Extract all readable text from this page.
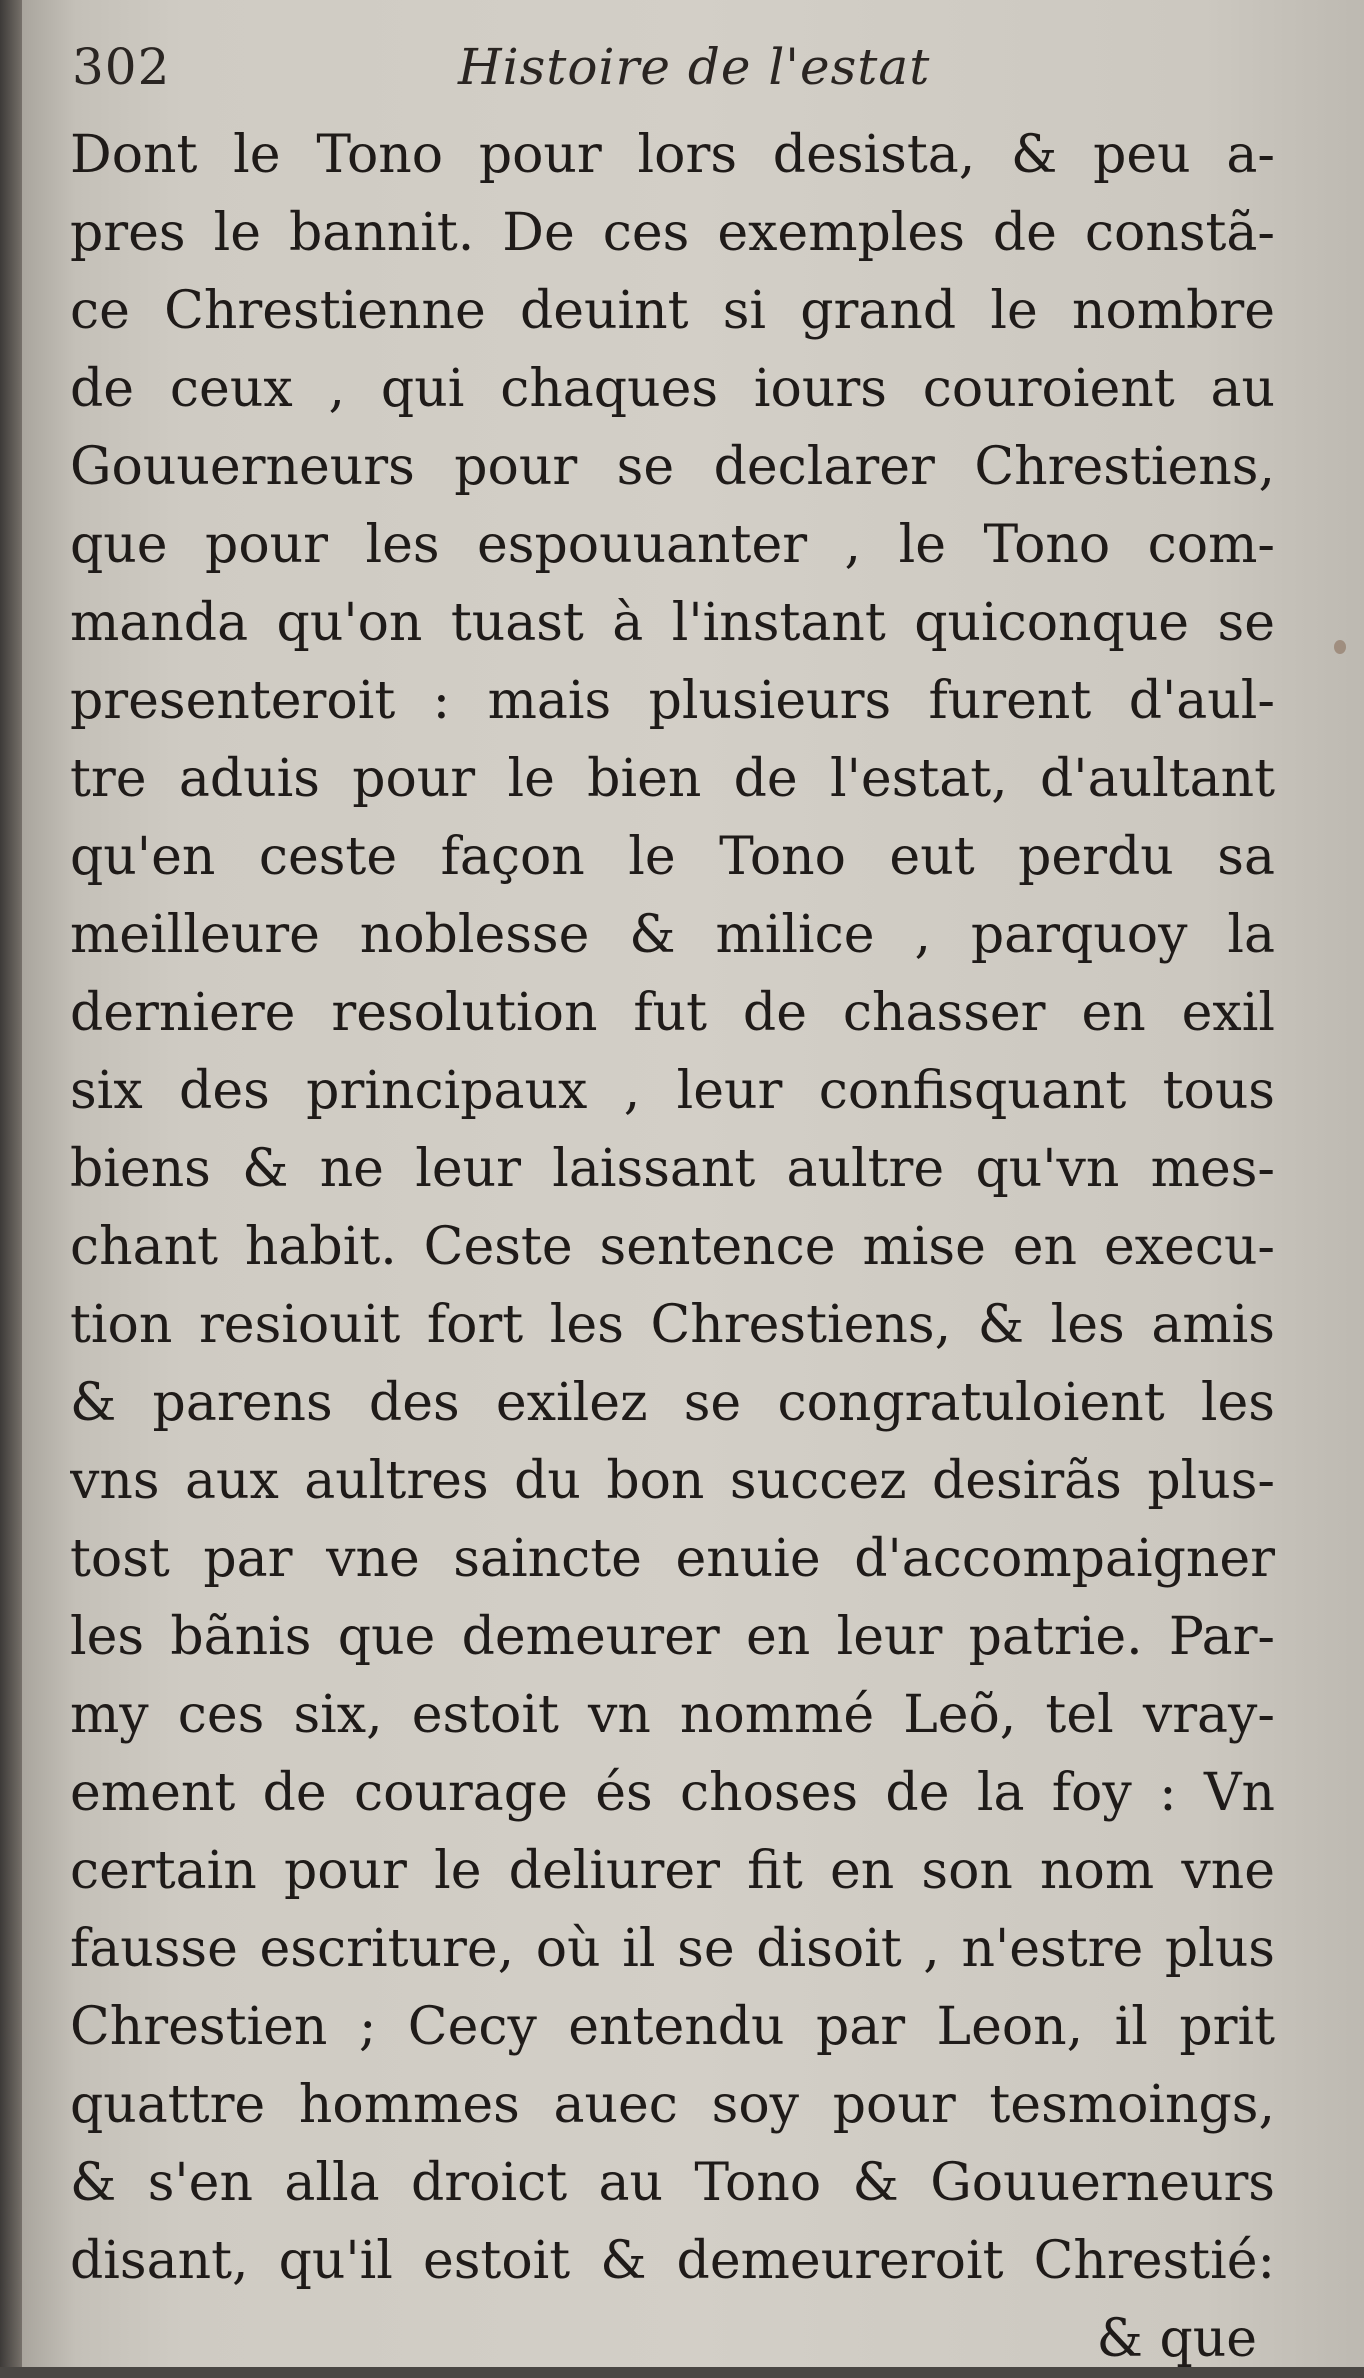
302	Histoire de l'estat
Dont le Tono pour lors desista, & peu a-
pres le bannit. De ces exemples de constã-
ce Chrestienne deuint si grand le nombre
de ceux , qui chaques iours couroient au
Gouuerneurs pour se declarer Chrestiens,
que pour les espouuanter , le Tono com-
manda qu'on tuast à l'instant quiconque se
presenteroit : mais plusieurs furent d'aul-
tre aduis pour le bien de l'estat, d'aultant
qu'en ceste façon le Tono eut perdu sa
meilleure noblesse & milice , parquoy la
derniere resolution fut de chasser en exil
six des principaux , leur confisquant tous
biens & ne leur laissant aultre qu'vn mes-
chant habit. Ceste sentence mise en execu-
tion resiouit fort les Chrestiens, & les amis
& parens des exilez se congratuloient les
vns aux aultres du bon succez desirãs plus-
tost par vne saincte enuie d'accompaigner
les bãnis que demeurer en leur patrie. Par-
my ces six, estoit vn nommé Leõ, tel vray-
ement de courage és choses de la foy : Vn
certain pour le deliurer fit en son nom vne
fausse escriture, où il se disoit , n'estre plus
Chrestien ; Cecy entendu par Leon, il prit
quattre hommes auec soy pour tesmoings,
& s'en alla droict au Tono & Gouuerneurs
disant, qu'il estoit & demeureroit Chrestié:
& que
